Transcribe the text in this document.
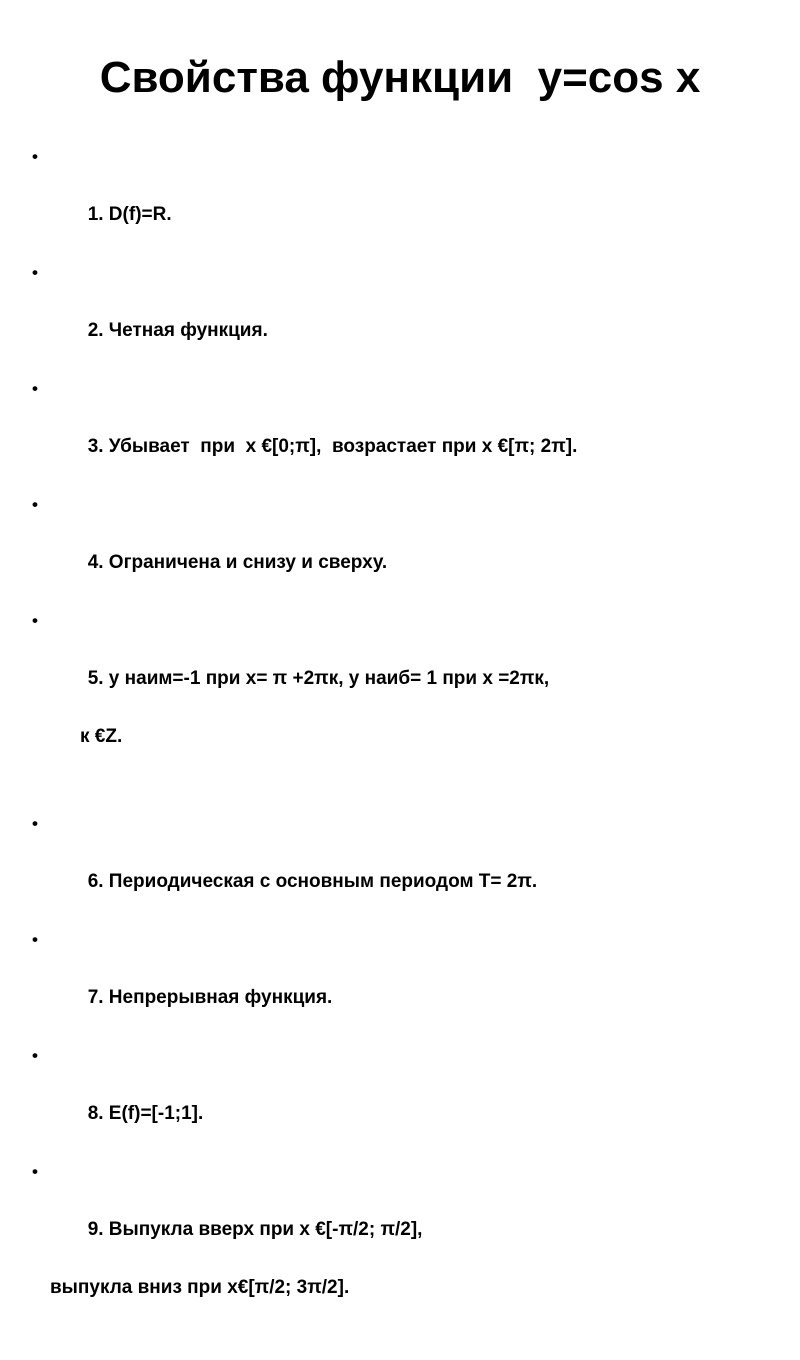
Свойства функции  y=cos x

•

1. D(f)=R.

•

2. Четная функция.

•

3. Убывает  при  x €[0;π],  возрастает при x €[π; 2π].

•

4. Ограничена и снизу и сверху.

•

5. y наим=-1 при x= π +2πк, y наиб= 1 при x =2πк,

к €Z.

•

6. Периодическая с основным периодом T= 2π.

•

7. Непрерывная функция.

•

8. E(f)=[-1;1].

•

9. Выпукла вверх при x €[-π/2; π/2],

выпукла вниз при x€[π/2; 3π/2].
